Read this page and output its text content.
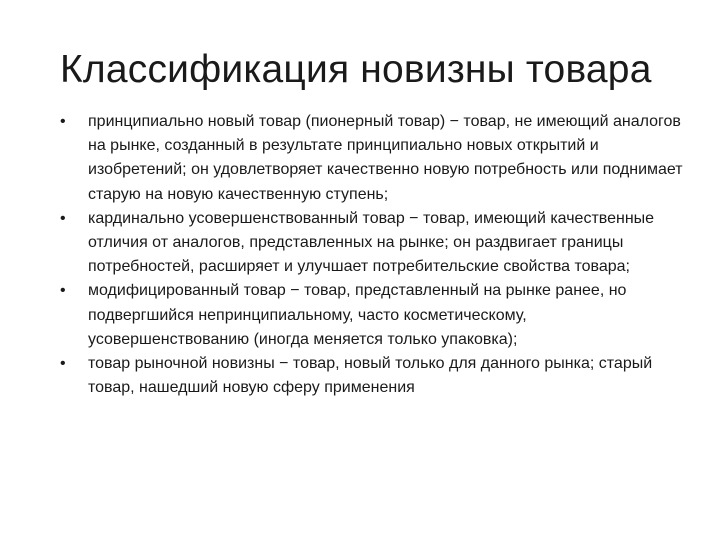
Классификация новизны товара
•	принципиально новый товар (пионерный товар) − товар, не имеющий аналогов на рынке, созданный в результате принципиально новых открытий и изобретений; он удовлетворяет качественно новую потребность или поднимает старую на новую качественную ступень;
•	кардинально усовершенствованный товар − товар, имеющий качественные отличия от аналогов, представленных на рынке; он раздвигает границы потребностей, расширяет и улучшает потребительские свойства товара;
•	модифицированный товар − товар, представленный на рынке ранее, но подвергшийся непринципиальному, часто косметическому, усовершенствованию (иногда меняется только упаковка);
•	товар рыночной новизны − товар, новый только для данного рынка; старый товар, нашедший новую сферу применения
